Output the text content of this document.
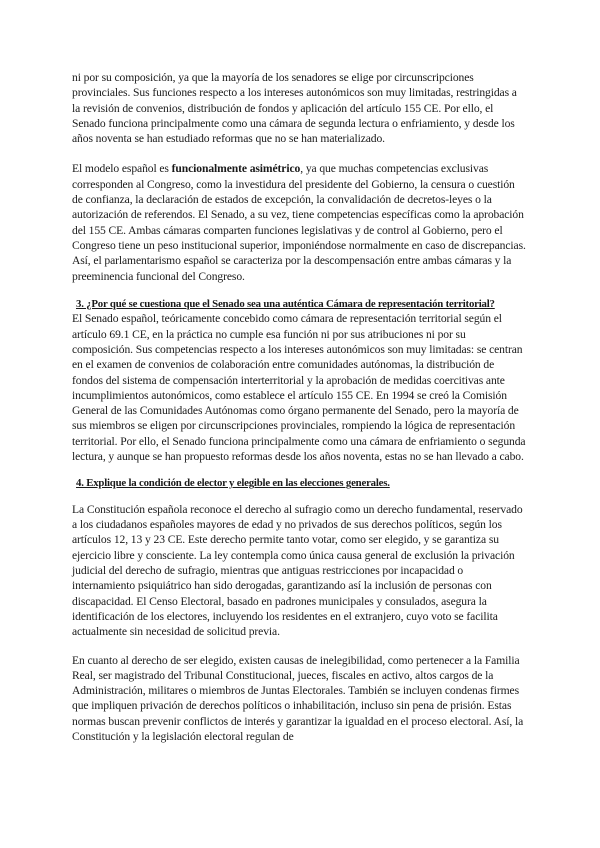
ni por su composición, ya que la mayoría de los senadores se elige por circunscripciones provinciales. Sus funciones respecto a los intereses autonómicos son muy limitadas, restringidas a la revisión de convenios, distribución de fondos y aplicación del artículo 155 CE. Por ello, el Senado funciona principalmente como una cámara de segunda lectura o enfriamiento, y desde los años noventa se han estudiado reformas que no se han materializado.

El modelo español es funcionalmente asimétrico, ya que muchas competencias exclusivas corresponden al Congreso, como la investidura del presidente del Gobierno, la censura o cuestión de confianza, la declaración de estados de excepción, la convalidación de decretos-leyes o la autorización de referendos. El Senado, a su vez, tiene competencias específicas como la aprobación del 155 CE. Ambas cámaras comparten funciones legislativas y de control al Gobierno, pero el Congreso tiene un peso institucional superior, imponiéndose normalmente en caso de discrepancias. Así, el parlamentarismo español se caracteriza por la descompensación entre ambas cámaras y la preeminencia funcional del Congreso.

3. ¿Por qué se cuestiona que el Senado sea una auténtica Cámara de representación territorial?

El Senado español, teóricamente concebido como cámara de representación territorial según el artículo 69.1 CE, en la práctica no cumple esa función ni por sus atribuciones ni por su composición. Sus competencias respecto a los intereses autonómicos son muy limitadas: se centran en el examen de convenios de colaboración entre comunidades autónomas, la distribución de fondos del sistema de compensación interterritorial y la aprobación de medidas coercitivas ante incumplimientos autonómicos, como establece el artículo 155 CE. En 1994 se creó la Comisión General de las Comunidades Autónomas como órgano permanente del Senado, pero la mayoría de sus miembros se eligen por circunscripciones provinciales, rompiendo la lógica de representación territorial. Por ello, el Senado funciona principalmente como una cámara de enfriamiento o segunda lectura, y aunque se han propuesto reformas desde los años noventa, estas no se han llevado a cabo.

4. Explique la condición de elector y elegible en las elecciones generales.

La Constitución española reconoce el derecho al sufragio como un derecho fundamental, reservado a los ciudadanos españoles mayores de edad y no privados de sus derechos políticos, según los artículos 12, 13 y 23 CE. Este derecho permite tanto votar, como ser elegido, y se garantiza su ejercicio libre y consciente. La ley contempla como única causa general de exclusión la privación judicial del derecho de sufragio, mientras que antiguas restricciones por incapacidad o internamiento psiquiátrico han sido derogadas, garantizando así la inclusión de personas con discapacidad. El Censo Electoral, basado en padrones municipales y consulados, asegura la identificación de los electores, incluyendo los residentes en el extranjero, cuyo voto se facilita actualmente sin necesidad de solicitud previa.

En cuanto al derecho de ser elegido, existen causas de inelegibilidad, como pertenecer a la Familia Real, ser magistrado del Tribunal Constitucional, jueces, fiscales en activo, altos cargos de la Administración, militares o miembros de Juntas Electorales. También se incluyen condenas firmes que impliquen privación de derechos políticos o inhabilitación, incluso sin pena de prisión. Estas normas buscan prevenir conflictos de interés y garantizar la igualdad en el proceso electoral. Así, la Constitución y la legislación electoral regulan de
